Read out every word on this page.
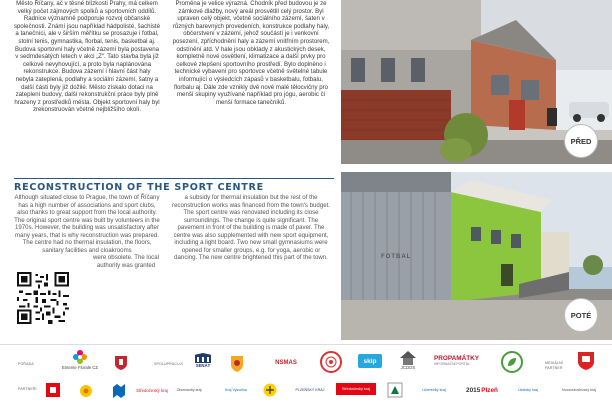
Město Říčany, ač v těsné blízkosti Prahy, má celkem velký počet zájmových spolků a sportovních oddílů. Radnice významně podporuje rozvoj občanské společnosti. Známí jsou například hádpolisté, šachisté a tanečníci, ale v širším měřítku se prosazuje i fotbal, stolní tenis, gymnastika, florbal, tenis, basketbal aj. Budova sportovní haly včetně zázemí byla postavena v sedmdesátých letech v akci „Z“. Tato stavba byla již celkově nevyhovující, a proto byla naplánována rekonstrukce. Budova zázemí i hlavní část haly nebyla zateplená, podlahy a sociální zázemí, šatny a další části byly již dožilé. Město získalo dotaci na zateplení budovy, další rekonstrukční práce byly plně hrazeny z prostředků města. Objekt sportovní haly byl zrekonstruován včetně nejbližšího okolí.
Proměna je velice výrazná. Chodník před budovou je ze zámkové dlažby, nový areál prosvětlil celý prostor. Byl upraven celý objekt, včetně sociálního zázemí, šaten v různých barevných provedeních, konstrukce podlahy haly, občerstvení v zázemí, jehož součástí je i venkovní posezení, zpříchodnění haly a zázemí vnitřním prostorem, odstínění atd. V hale jsou obklady z akustických desek, kompletně nové osvětlení, klimatizace a další prvky pro celkové zlepšení sportovního prostředí. Bylo doplněno i technické vybavení pro sportovce včetně světelné tabule informující o výsledcích zápasů v basketbalu, fotbalu, florbalu aj. Dále zde vznikly dvě nové malé tělocvičny pro menší skupiny využívané například pro jógu, aerobic či menší formace tanečníků.
PŘED
FOTBAL
POTÉ
RECONSTRUCTION OF THE SPORT CENTRE
Although situated close to Prague, the town of Říčany has a high number of associations and sport clubs, also thanks to great support from the local authority. The original sport centre was built by volunteers in the 1970s. However, the building was unsatisfactory after many years, that is why reconstruction was prepared. The centre had no thermal insulation, the floors, sanitary facilities and cloakrooms
were obsolete. The local authority was granted
a subsidy for thermal insulation but the rest of the reconstruction works was financed from the town's budget. The sport centre was renovated including its close surroundings. The change is quite significant. The pavement in front of the building is made of paver. The centre was also supplemented with new sport equipment, including a light board. Two new small gymnasiums were opened for smaller groups, e.g. for yoga, aerobic or dancing. The new centre brightened this part of the town.
POŘADA	SPOLUPRACUJÍ	MEDIÁLNÍ PARTNER
PARTNEŘI
Entente Florale CZ	SENÁT	NSMAS	skip
JCDOS
PROPAMÁTKY
INFORMAČNÍ PORTÁL
Středočeský kraj Olomoucký kraj	Kraj Vysočina	PLZEŇSKÝ KRAJ	Středočeský kraj	Liberecký kraj	2015 Plzeň	Ústecký kraj	Moravskoslezský kraj
